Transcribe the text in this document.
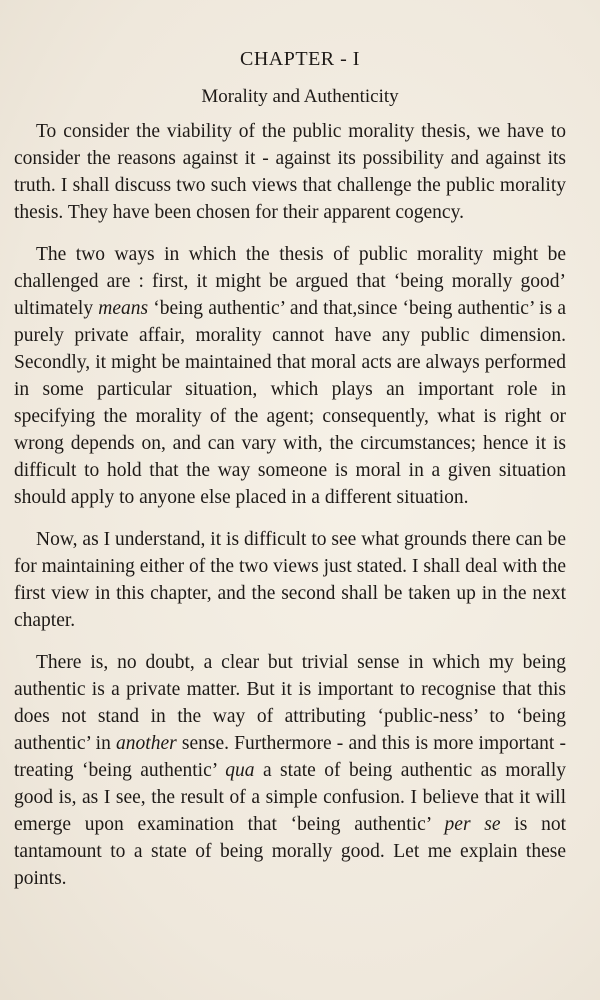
CHAPTER - I
Morality and Authenticity

To consider the viability of the public morality thesis, we have to consider the reasons against it - against its possibility and against its truth. I shall discuss two such views that challenge the public morality thesis. They have been chosen for their apparent cogency.

The two ways in which the thesis of public morality might be challenged are : first, it might be argued that ‘being morally good’ ultimately means ‘being authentic’ and that,since ‘being authentic’ is a purely private affair, morality cannot have any public dimension. Secondly, it might be maintained that moral acts are always performed in some particular situation, which plays an important role in specifying the morality of the agent; consequently, what is right or wrong depends on, and can vary with, the circumstances; hence it is difficult to hold that the way someone is moral in a given situation should apply to anyone else placed in a different situation.

Now, as I understand, it is difficult to see what grounds there can be for maintaining either of the two views just stated. I shall deal with the first view in this chapter, and the second shall be taken up in the next chapter.

There is, no doubt, a clear but trivial sense in which my being authentic is a private matter. But it is important to recognise that this does not stand in the way of attributing ‘public-ness’ to ‘being authentic’ in another sense. Furthermore - and this is more important - treating ‘being authentic’ qua a state of being authentic as morally good is, as I see, the result of a simple confusion. I believe that it will emerge upon examination that ‘being authentic’ per se is not tantamount to a state of being morally good. Let me explain these points.
